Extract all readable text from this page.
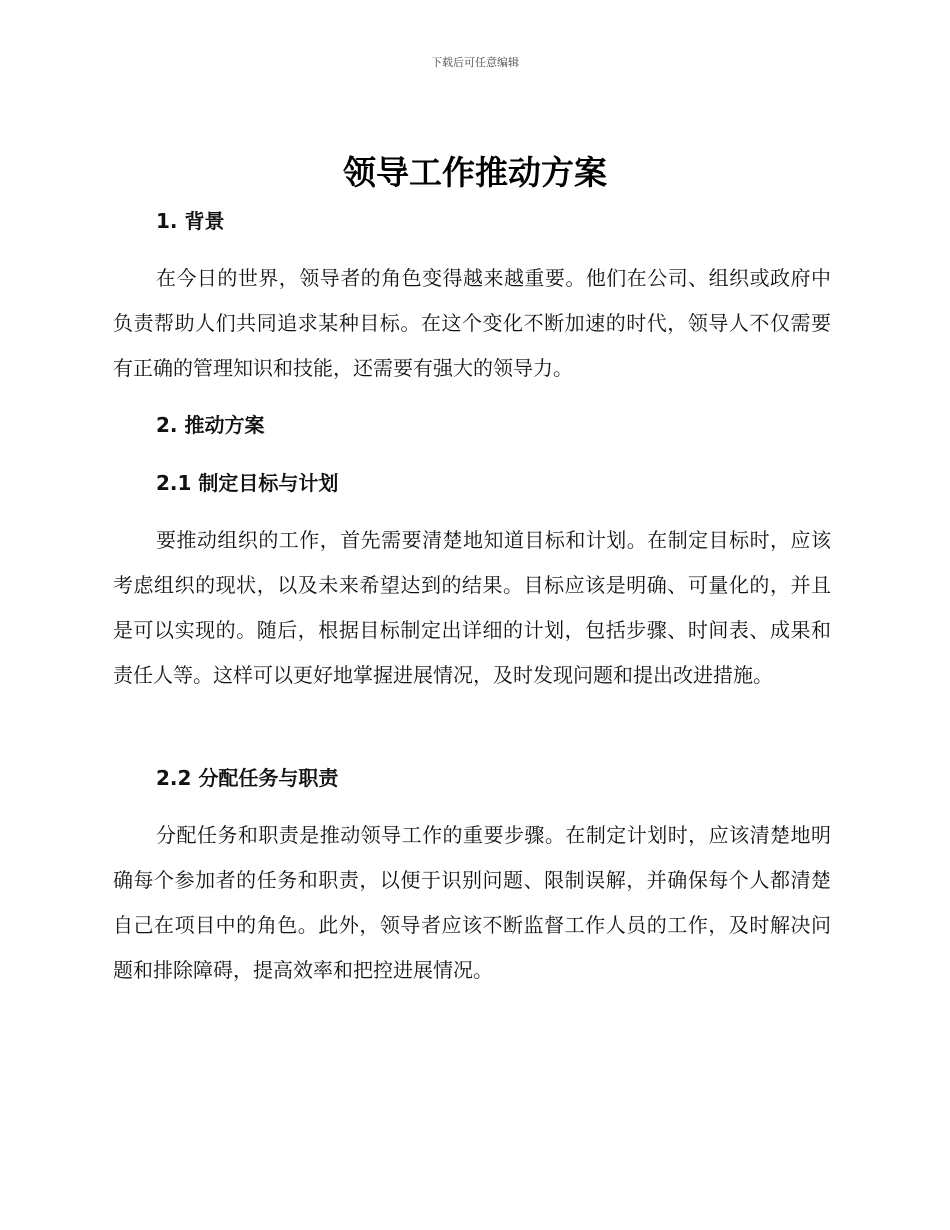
下载后可任意编辑
领导工作推动方案
1. 背景

在今日的世界，领导者的角色变得越来越重要。他们在公司、组织或政府中负责帮助人们共同追求某种目标。在这个变化不断加速的时代，领导人不仅需要有正确的管理知识和技能，还需要有强大的领导力。

2. 推动方案
2.1 制定目标与计划

要推动组织的工作，首先需要清楚地知道目标和计划。在制定目标时，应该考虑组织的现状，以及未来希望达到的结果。目标应该是明确、可量化的，并且是可以实现的。随后，根据目标制定出详细的计划，包括步骤、时间表、成果和责任人等。这样可以更好地掌握进展情况，及时发现问题和提出改进措施。

2.2 分配任务与职责

分配任务和职责是推动领导工作的重要步骤。在制定计划时，应该清楚地明确每个参加者的任务和职责，以便于识别问题、限制误解，并确保每个人都清楚自己在项目中的角色。此外，领导者应该不断监督工作人员的工作，及时解决问题和排除障碍，提高效率和把控进展情况。
